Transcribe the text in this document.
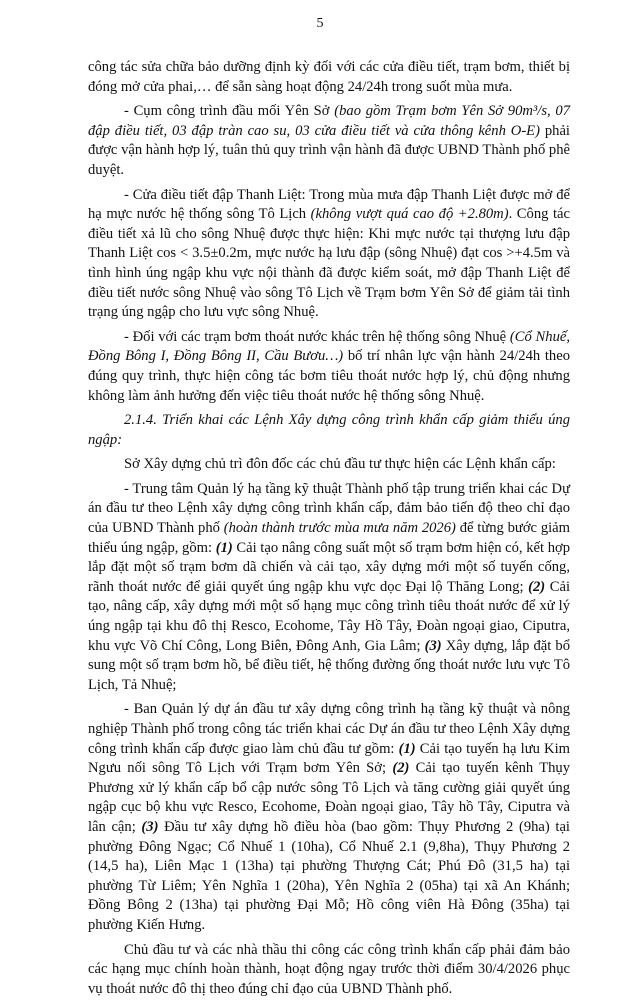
5

công tác sửa chữa bảo dưỡng định kỳ đối với các cửa điều tiết, trạm bơm, thiết bị đóng mở cửa phai,… để sẵn sàng hoạt động 24/24h trong suốt mùa mưa.

- Cụm công trình đầu mối Yên Sở (bao gồm Trạm bơm Yên Sở 90m³/s, 07 đập điều tiết, 03 đập tràn cao su, 03 cửa điều tiết và cửa thông kênh O-E) phải được vận hành hợp lý, tuân thủ quy trình vận hành đã được UBND Thành phố phê duyệt.

- Cửa điều tiết đập Thanh Liệt: Trong mùa mưa đập Thanh Liệt được mở để hạ mực nước hệ thống sông Tô Lịch (không vượt quá cao độ +2.80m). Công tác điều tiết xả lũ cho sông Nhuệ được thực hiện: Khi mực nước tại thượng lưu đập Thanh Liệt cos < 3.5±0.2m, mực nước hạ lưu đập (sông Nhuệ) đạt cos >+4.5m và tình hình úng ngập khu vực nội thành đã được kiểm soát, mở đập Thanh Liệt để điều tiết nước sông Nhuệ vào sông Tô Lịch về Trạm bơm Yên Sở để giảm tải tình trạng úng ngập cho lưu vực sông Nhuệ.

- Đối với các trạm bơm thoát nước khác trên hệ thống sông Nhuệ (Cổ Nhuế, Đồng Bông I, Đồng Bông II, Cầu Bươu…) bố trí nhân lực vận hành 24/24h theo đúng quy trình, thực hiện công tác bơm tiêu thoát nước hợp lý, chủ động nhưng không làm ảnh hưởng đến việc tiêu thoát nước hệ thống sông Nhuệ.

2.1.4. Triển khai các Lệnh Xây dựng công trình khẩn cấp giảm thiểu úng ngập:

Sở Xây dựng chủ trì đôn đốc các chủ đầu tư thực hiện các Lệnh khẩn cấp:

- Trung tâm Quản lý hạ tầng kỹ thuật Thành phố tập trung triển khai các Dự án đầu tư theo Lệnh xây dựng công trình khẩn cấp, đảm bảo tiến độ theo chỉ đạo của UBND Thành phố (hoàn thành trước mùa mưa năm 2026) để từng bước giảm thiểu úng ngập, gồm: (1) Cải tạo nâng công suất một số trạm bơm hiện có, kết hợp lắp đặt một số trạm bơm dã chiến và cải tạo, xây dựng mới một số tuyến cống, rãnh thoát nước để giải quyết úng ngập khu vực dọc Đại lộ Thăng Long; (2) Cải tạo, nâng cấp, xây dựng mới một số hạng mục công trình tiêu thoát nước để xử lý úng ngập tại khu đô thị Resco, Ecohome, Tây Hồ Tây, Đoàn ngoại giao, Ciputra, khu vực Võ Chí Công, Long Biên, Đông Anh, Gia Lâm; (3) Xây dựng, lắp đặt bổ sung một số trạm bơm hồ, bể điều tiết, hệ thống đường ống thoát nước lưu vực Tô Lịch, Tả Nhuệ;

- Ban Quản lý dự án đầu tư xây dựng công trình hạ tầng kỹ thuật và nông nghiệp Thành phố trong công tác triển khai các Dự án đầu tư theo Lệnh Xây dựng công trình khẩn cấp được giao làm chủ đầu tư gồm: (1) Cải tạo tuyến hạ lưu Kim Ngưu nối sông Tô Lịch với Trạm bơm Yên Sở; (2) Cải tạo tuyến kênh Thụy Phương xử lý khẩn cấp bổ cập nước sông Tô Lịch và tăng cường giải quyết úng ngập cục bộ khu vực Resco, Ecohome, Đoàn ngoại giao, Tây hồ Tây, Ciputra và lân cận; (3) Đầu tư xây dựng hồ điều hòa (bao gồm: Thụy Phương 2 (9ha) tại phường Đông Ngạc; Cổ Nhuế 1 (10ha), Cổ Nhuế 2.1 (9,8ha), Thụy Phương 2 (14,5 ha), Liên Mạc 1 (13ha) tại phường Thượng Cát; Phú Đô (31,5 ha) tại phường Từ Liêm; Yên Nghĩa 1 (20ha), Yên Nghĩa 2 (05ha) tại xã An Khánh; Đồng Bông 2 (13ha) tại phường Đại Mỗ; Hồ công viên Hà Đông (35ha) tại phường Kiến Hưng.

Chủ đầu tư và các nhà thầu thi công các công trình khẩn cấp phải đảm bảo các hạng mục chính hoàn thành, hoạt động ngay trước thời điểm 30/4/2026 phục vụ thoát nước đô thị theo đúng chỉ đạo của UBND Thành phố.
